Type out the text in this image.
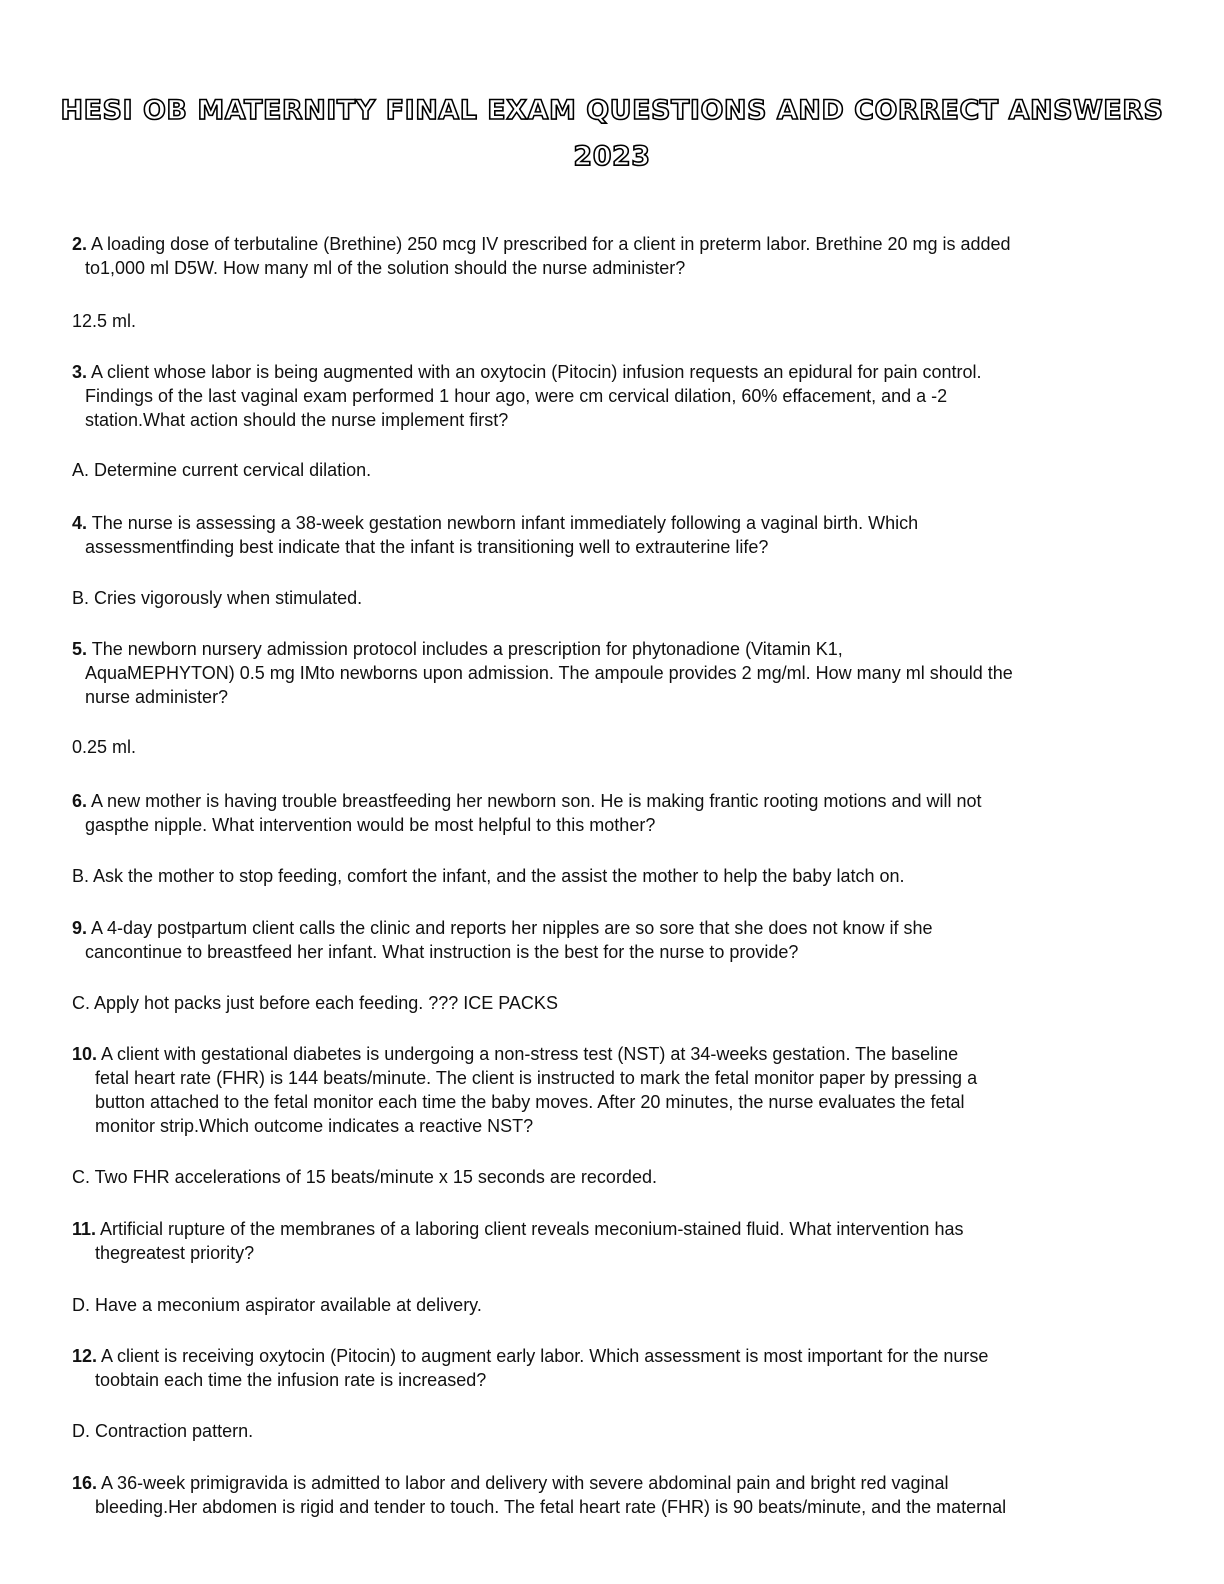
HESI OB MATERNITY FINAL EXAM QUESTIONS AND CORRECT ANSWERS
2023
2. A loading dose of terbutaline (Brethine) 250 mcg IV prescribed for a client in preterm labor. Brethine 20 mg is added
to1,000 ml D5W. How many ml of the solution should the nurse administer?
12.5 ml.
3. A client whose labor is being augmented with an oxytocin (Pitocin) infusion requests an epidural for pain control.
Findings of the last vaginal exam performed 1 hour ago, were cm cervical dilation, 60% effacement, and a -2
station.What action should the nurse implement first?
A. Determine current cervical dilation.
4. The nurse is assessing a 38-week gestation newborn infant immediately following a vaginal birth. Which
assessmentfinding best indicate that the infant is transitioning well to extrauterine life?
B. Cries vigorously when stimulated.
5. The newborn nursery admission protocol includes a prescription for phytonadione (Vitamin K1,
AquaMEPHYTON) 0.5 mg IMto newborns upon admission. The ampoule provides 2 mg/ml. How many ml should the
nurse administer?
0.25 ml.
6. A new mother is having trouble breastfeeding her newborn son. He is making frantic rooting motions and will not
gaspthe nipple. What intervention would be most helpful to this mother?
B. Ask the mother to stop feeding, comfort the infant, and the assist the mother to help the baby latch on.
9. A 4-day postpartum client calls the clinic and reports her nipples are so sore that she does not know if she
cancontinue to breastfeed her infant. What instruction is the best for the nurse to provide?
C. Apply hot packs just before each feeding. ??? ICE PACKS
10. A client with gestational diabetes is undergoing a non-stress test (NST) at 34-weeks gestation. The baseline
fetal heart rate (FHR) is 144 beats/minute. The client is instructed to mark the fetal monitor paper by pressing a
button attached to the fetal monitor each time the baby moves. After 20 minutes, the nurse evaluates the fetal
monitor strip.Which outcome indicates a reactive NST?
C. Two FHR accelerations of 15 beats/minute x 15 seconds are recorded.
11. Artificial rupture of the membranes of a laboring client reveals meconium-stained fluid. What intervention has
thegreatest priority?
D. Have a meconium aspirator available at delivery.
12. A client is receiving oxytocin (Pitocin) to augment early labor. Which assessment is most important for the nurse
toobtain each time the infusion rate is increased?
D. Contraction pattern.
16. A 36-week primigravida is admitted to labor and delivery with severe abdominal pain and bright red vaginal
bleeding.Her abdomen is rigid and tender to touch. The fetal heart rate (FHR) is 90 beats/minute, and the maternal
